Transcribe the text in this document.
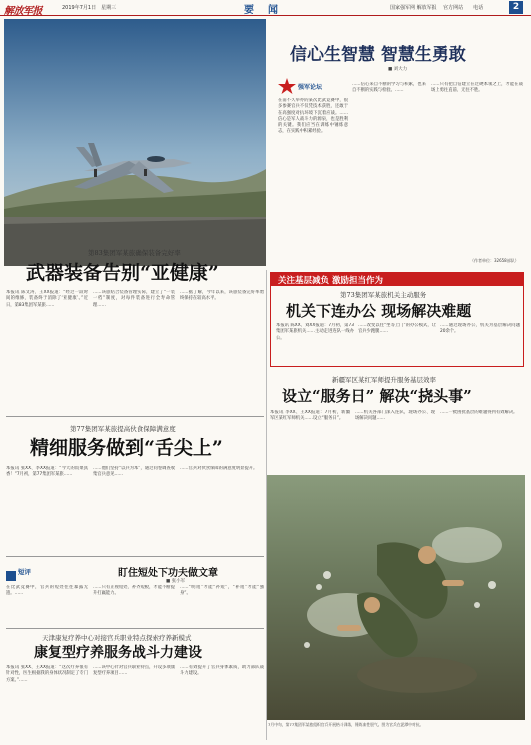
解放军报	2019年7月1日　星期三	要　闻	国家强军网 解放军报 　官方网站　　电话	2
信心生智慧 智慧生勇敢
■ 刘大力
强军论坛
在前不久举办的某次比武竞赛中，很多参赛官兵不仅凭技术获胜，还敢于在高强度对抗环境下沉着应战。……信心是军人战斗力的源泉，也是胜利的关键。我们应当在训练中锤炼意志，在实践中积累经验。
……信心来自不断的学习与积累，也来自不断的实践与检验。……
……只有把自信建立在过硬本领之上，才能在战场上勇往直前、无往不胜。
（作者单位：32658部队）
第83集团军某旅确保装备完好率
武器装备告别“亚健康”
本报讯 陈文涛、王XX报道：“经过一段时间的维修，装备终于消除了‘亚健康’。”近日，第83集团军某旅……
……该旅结合装备管理实际，建立了“一装一档”制度，对每件装备进行全寿命管理……
……据了解，今年以来，该旅装备完好率始终保持在较高水平。
关注基层减负 激励担当作为
第73集团军某旅机关主动服务
机关下连办公 现场解决难题
本报讯 陈XX、刘XX报道：7月初，第73集团军某旅机关……主动走进连队一线办公。
……改变以往“坐等上门”的办公模式，让官兵少跑腿……
……通过现场办公，机关为基层解决问题20余个。
第77集团军某旅提高伙食保障满意度
精细服务做到“舌尖上”
本报讯 张XX、李XX报道：“今天的饭菜真香！”7月初，第77集团军某旅……
……他们坚持“以兵为本”，通过问卷调查收集官兵意见……
……官兵对伙食保障的满意度明显提升。
新疆军区某红军师提升服务基层效率
设立“服务日” 解决“挠头事”
本报讯 李XX、王XX报道：7月初，新疆军区某红军师机关……设立“服务日”。
……机关各部门深入连队，现场办公、现场解决问题……
……一批困扰基层的难题得到有效解决。
短评	盯住短处下功夫做文章
■ 张小军
在比武竞赛中，官兵的短处往往暴露无遗。……
……只有正视短处、补齐短板，才能不断提升打赢能力。
……“明短”才能“补短”，“补短”才能“强身”。
天津康复疗养中心对接官兵职业特点探索疗养新模式
康复型疗养服务战斗力建设
本报讯 张XX、王XX报道：“这次疗养很有针对性，医生根据我的身体状况制定了专门方案。”……
……该中心针对官兵职业特点，开设多项康复型疗养项目……
……有效提升了官兵身体素质，助力部队战斗力建设。
7月中旬，第77集团军某旅组织官兵开展格斗训练，锤炼血性胆气。图为官兵在泥潭中对抗。
